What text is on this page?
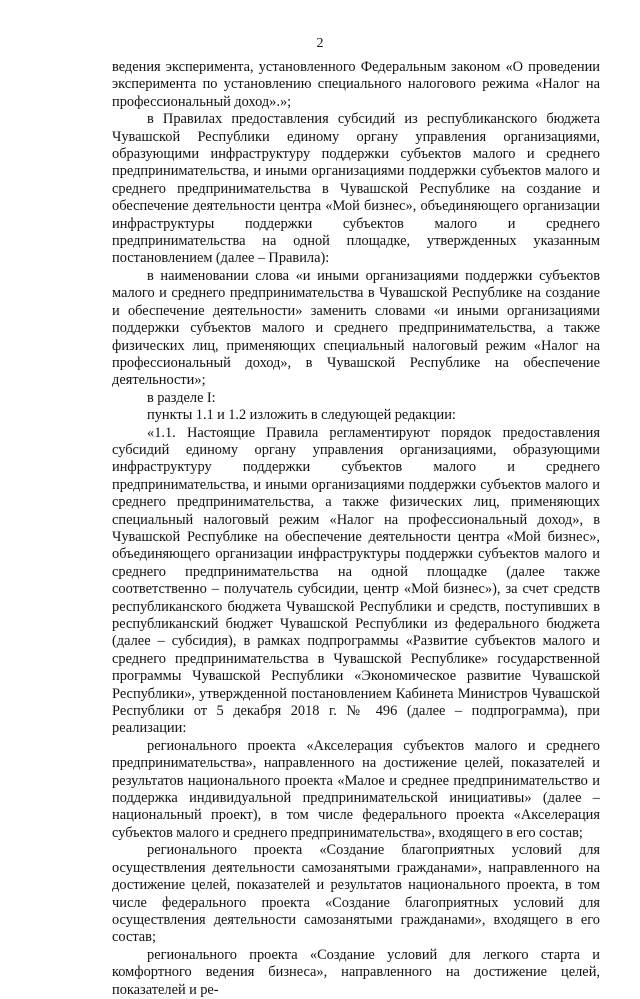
2

ведения эксперимента, установленного Федеральным законом «О проведении эксперимента по установлению специального налогового режима «Налог на профессиональный доход».»;

в Правилах предоставления субсидий из республиканского бюджета Чувашской Республики единому органу управления организациями, образующими инфраструктуру поддержки субъектов малого и среднего предпринимательства, и иными организациями поддержки субъектов малого и среднего предпринимательства в Чувашской Республике на создание и обеспечение деятельности центра «Мой бизнес», объединяющего организации инфраструктуры поддержки субъектов малого и среднего предпринимательства на одной площадке, утвержденных указанным постановлением (далее – Правила):

в наименовании слова «и иными организациями поддержки субъектов малого и среднего предпринимательства в Чувашской Республике на создание и обеспечение деятельности» заменить словами «и иными организациями поддержки субъектов малого и среднего предпринимательства, а также физических лиц, применяющих специальный налоговый режим «Налог на профессиональный доход», в Чувашской Республике на обеспечение деятельности»;

в разделе I:

пункты 1.1 и 1.2 изложить в следующей редакции:

«1.1. Настоящие Правила регламентируют порядок предоставления субсидий единому органу управления организациями, образующими инфраструктуру поддержки субъектов малого и среднего предпринимательства, и иными организациями поддержки субъектов малого и среднего предпринимательства, а также физических лиц, применяющих специальный налоговый режим «Налог на профессиональный доход», в Чувашской Республике на обеспечение деятельности центра «Мой бизнес», объединяющего организации инфраструктуры поддержки субъектов малого и среднего предпринимательства на одной площадке (далее также соответственно – получатель субсидии, центр «Мой бизнес»), за счет средств республиканского бюджета Чувашской Республики и средств, поступивших в республиканский бюджет Чувашской Республики из федерального бюджета (далее – субсидия), в рамках подпрограммы «Развитие субъектов малого и среднего предпринимательства в Чувашской Республике» государственной программы Чувашской Республики «Экономическое развитие Чувашской Республики», утвержденной постановлением Кабинета Министров Чувашской Республики от 5 декабря 2018 г. № 496 (далее – подпрограмма), при реализации:

регионального проекта «Акселерация субъектов малого и среднего предпринимательства», направленного на достижение целей, показателей и результатов национального проекта «Малое и среднее предпринимательство и поддержка индивидуальной предпринимательской инициативы» (далее – национальный проект), в том числе федерального проекта «Акселерация субъектов малого и среднего предпринимательства», входящего в его состав;

регионального проекта «Создание благоприятных условий для осуществления деятельности самозанятыми гражданами», направленного на достижение целей, показателей и результатов национального проекта, в том числе федерального проекта «Создание благоприятных условий для осуществления деятельности самозанятыми гражданами», входящего в его состав;

регионального проекта «Создание условий для легкого старта и комфортного ведения бизнеса», направленного на достижение целей, показателей и ре-
